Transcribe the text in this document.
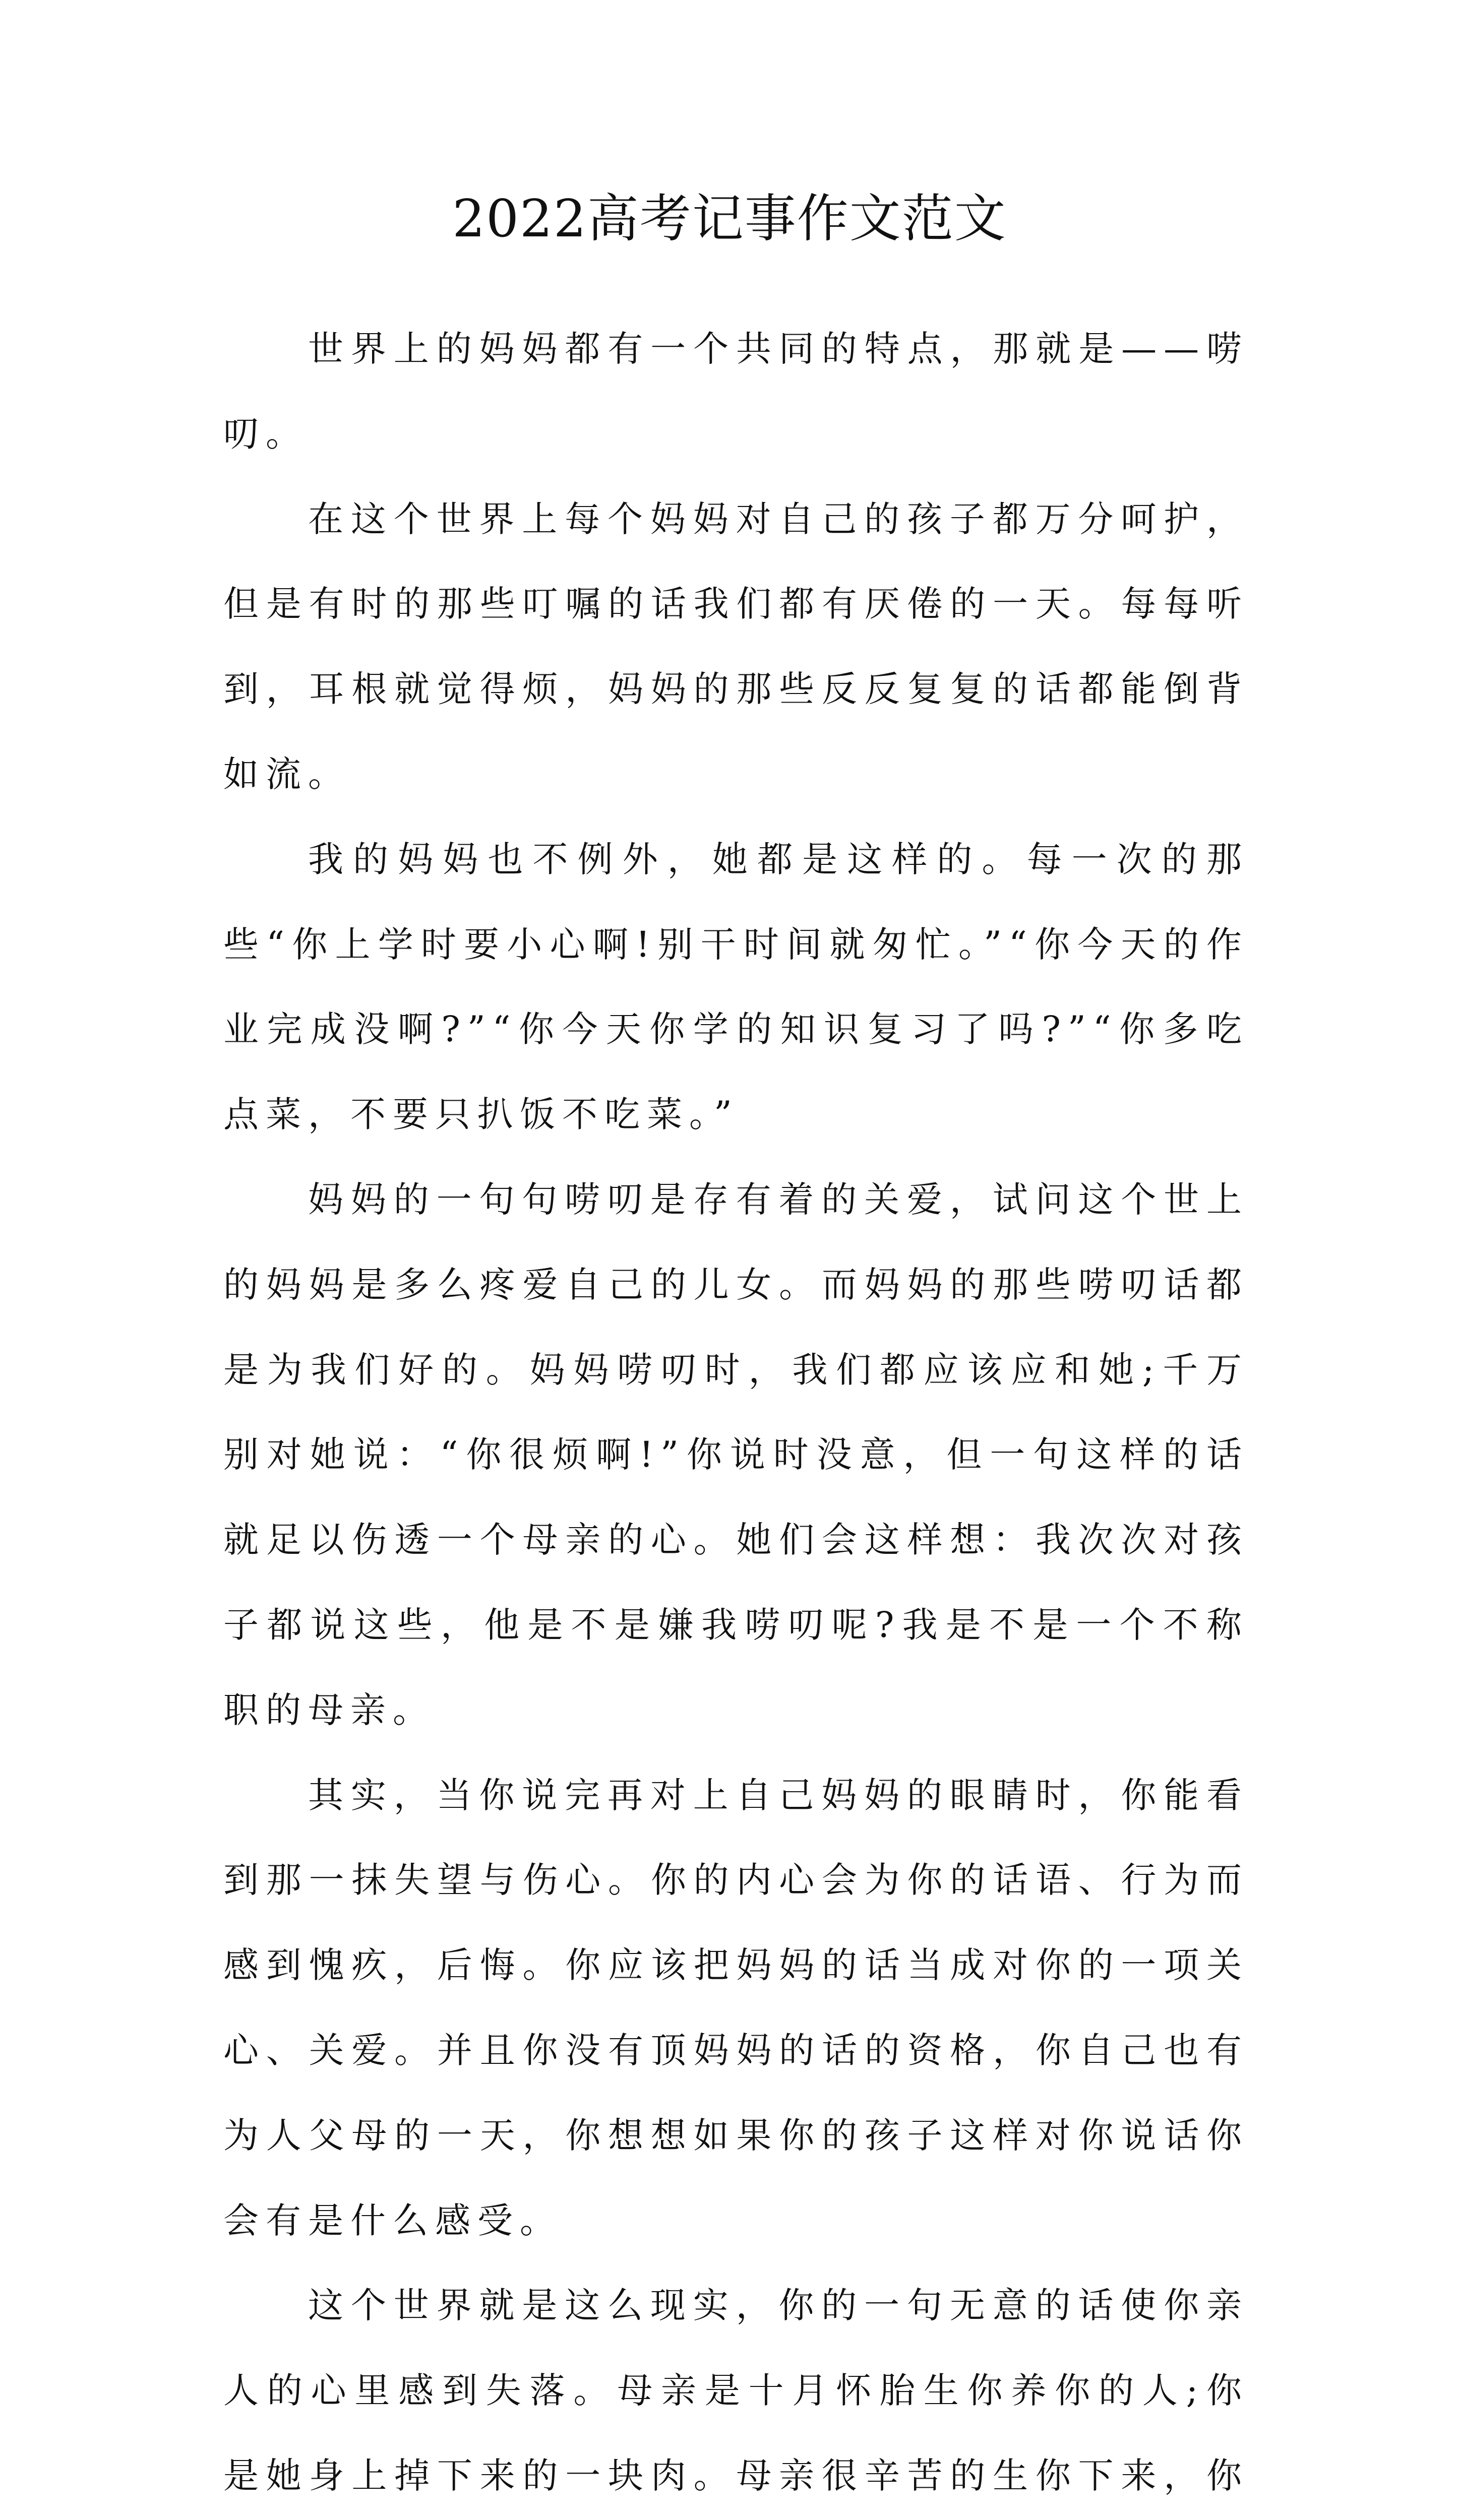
2022高考记事作文范文

世界上的妈妈都有一个共同的特点，那就是——唠叨。

在这个世界上每个妈妈对自己的孩子都万分呵护，但是有时的那些叮嘱的话我们都有厌倦的一天。每每听到，耳根就觉得烦，妈妈的那些反反复复的话都能倒背如流。

我的妈妈也不例外，她都是这样的。每一次的那些“你上学时要小心啊!别干时间就匆忙。”“你今天的作业完成没啊?”“你今天你学的知识复习了吗?”“你多吃点菜，不要只扒饭不吃菜。”

妈妈的一句句唠叨是存有着的关爱，试问这个世上的妈妈是多么疼爱自己的儿女。而妈妈的那些唠叨话都是为我们好的。妈妈唠叨时，我们都应该应和她;千万别对她说：“你很烦啊!”你说时没意，但一句这样的话就足以伤透一个母亲的心。她们会这样想：我次次对孩子都说这些，他是不是嫌我唠叨呢?我是不是一个不称职的母亲。

其实，当你说完再对上自己妈妈的眼睛时，你能看到那一抹失望与伤心。你的内心会为你的话语、行为而感到愧疚，后悔。你应该把妈妈的话当成对你的一项关心、关爱。并且你没有顶妈妈的话的资格，你自己也有为人父母的一天，你想想如果你的孩子这样对你说话你会有是什么感受。

这个世界就是这么现实，你的一句无意的话使你亲人的心里感到失落。母亲是十月怀胎生你养你的人;你是她身上掉下来的一块肉。母亲很辛苦的生你下来，你
